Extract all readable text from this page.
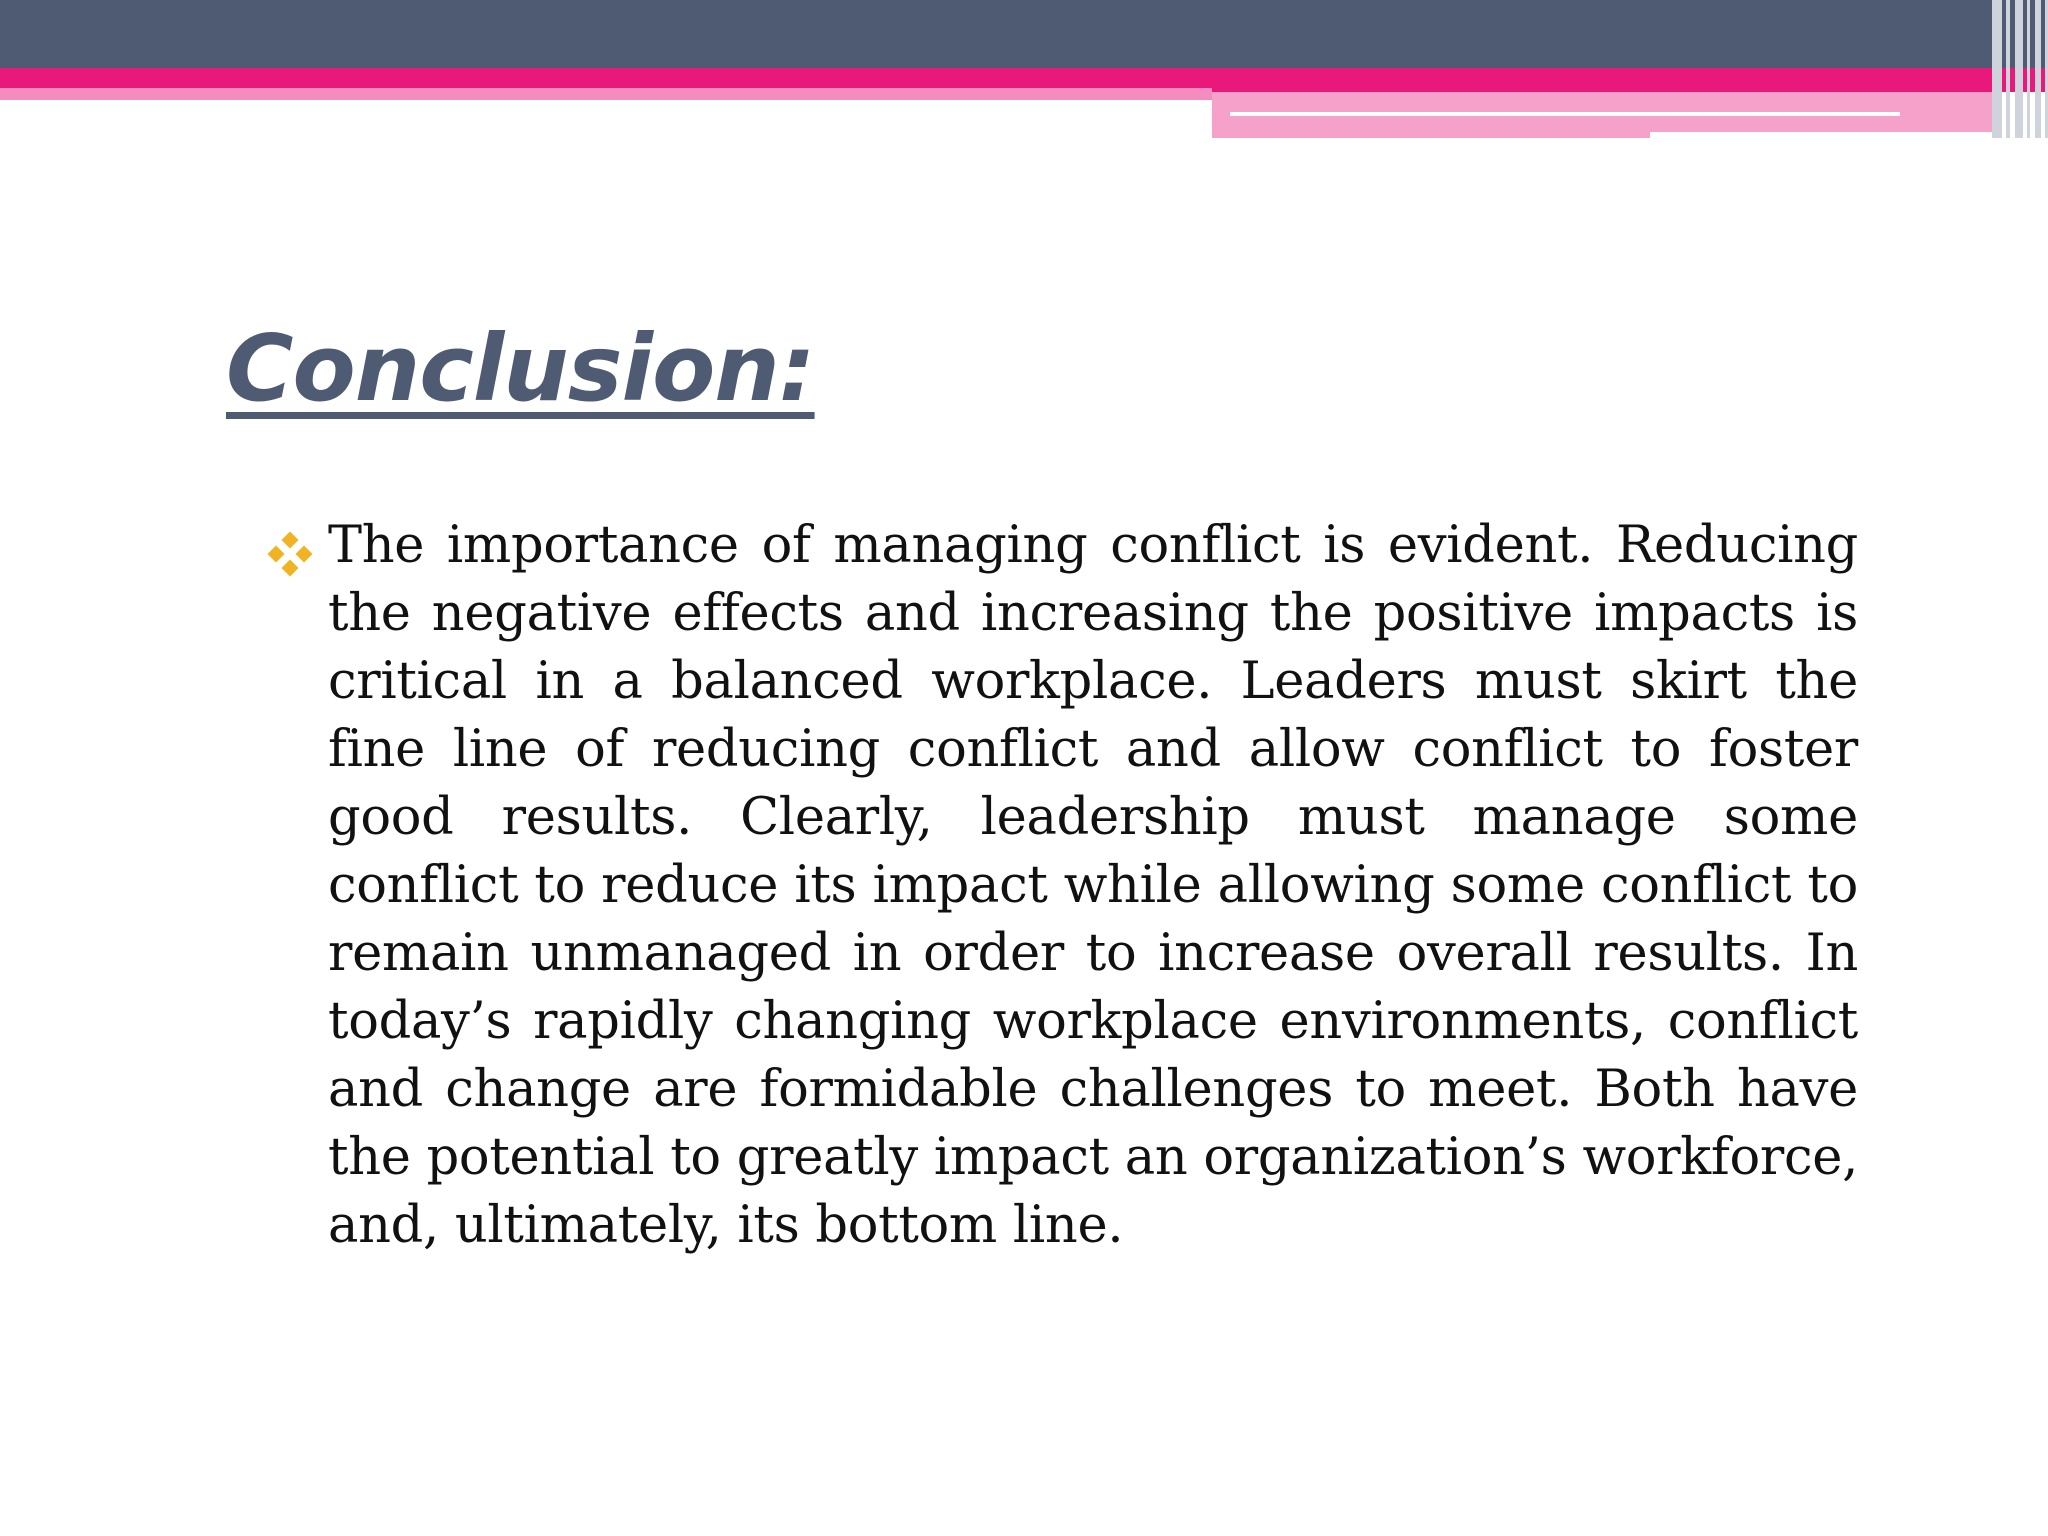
Conclusion:

The importance of managing conflict is evident. Reducing the negative effects and increasing the positive impacts is critical in a balanced workplace. Leaders must skirt the fine line of reducing conflict and allow conflict to foster good results. Clearly, leadership must manage some conflict to reduce its impact while allowing some conflict to remain unmanaged in order to increase overall results. In today’s rapidly changing workplace environments, conflict and change are formidable challenges to meet. Both have the potential to greatly impact an organization’s workforce, and, ultimately, its bottom line.
